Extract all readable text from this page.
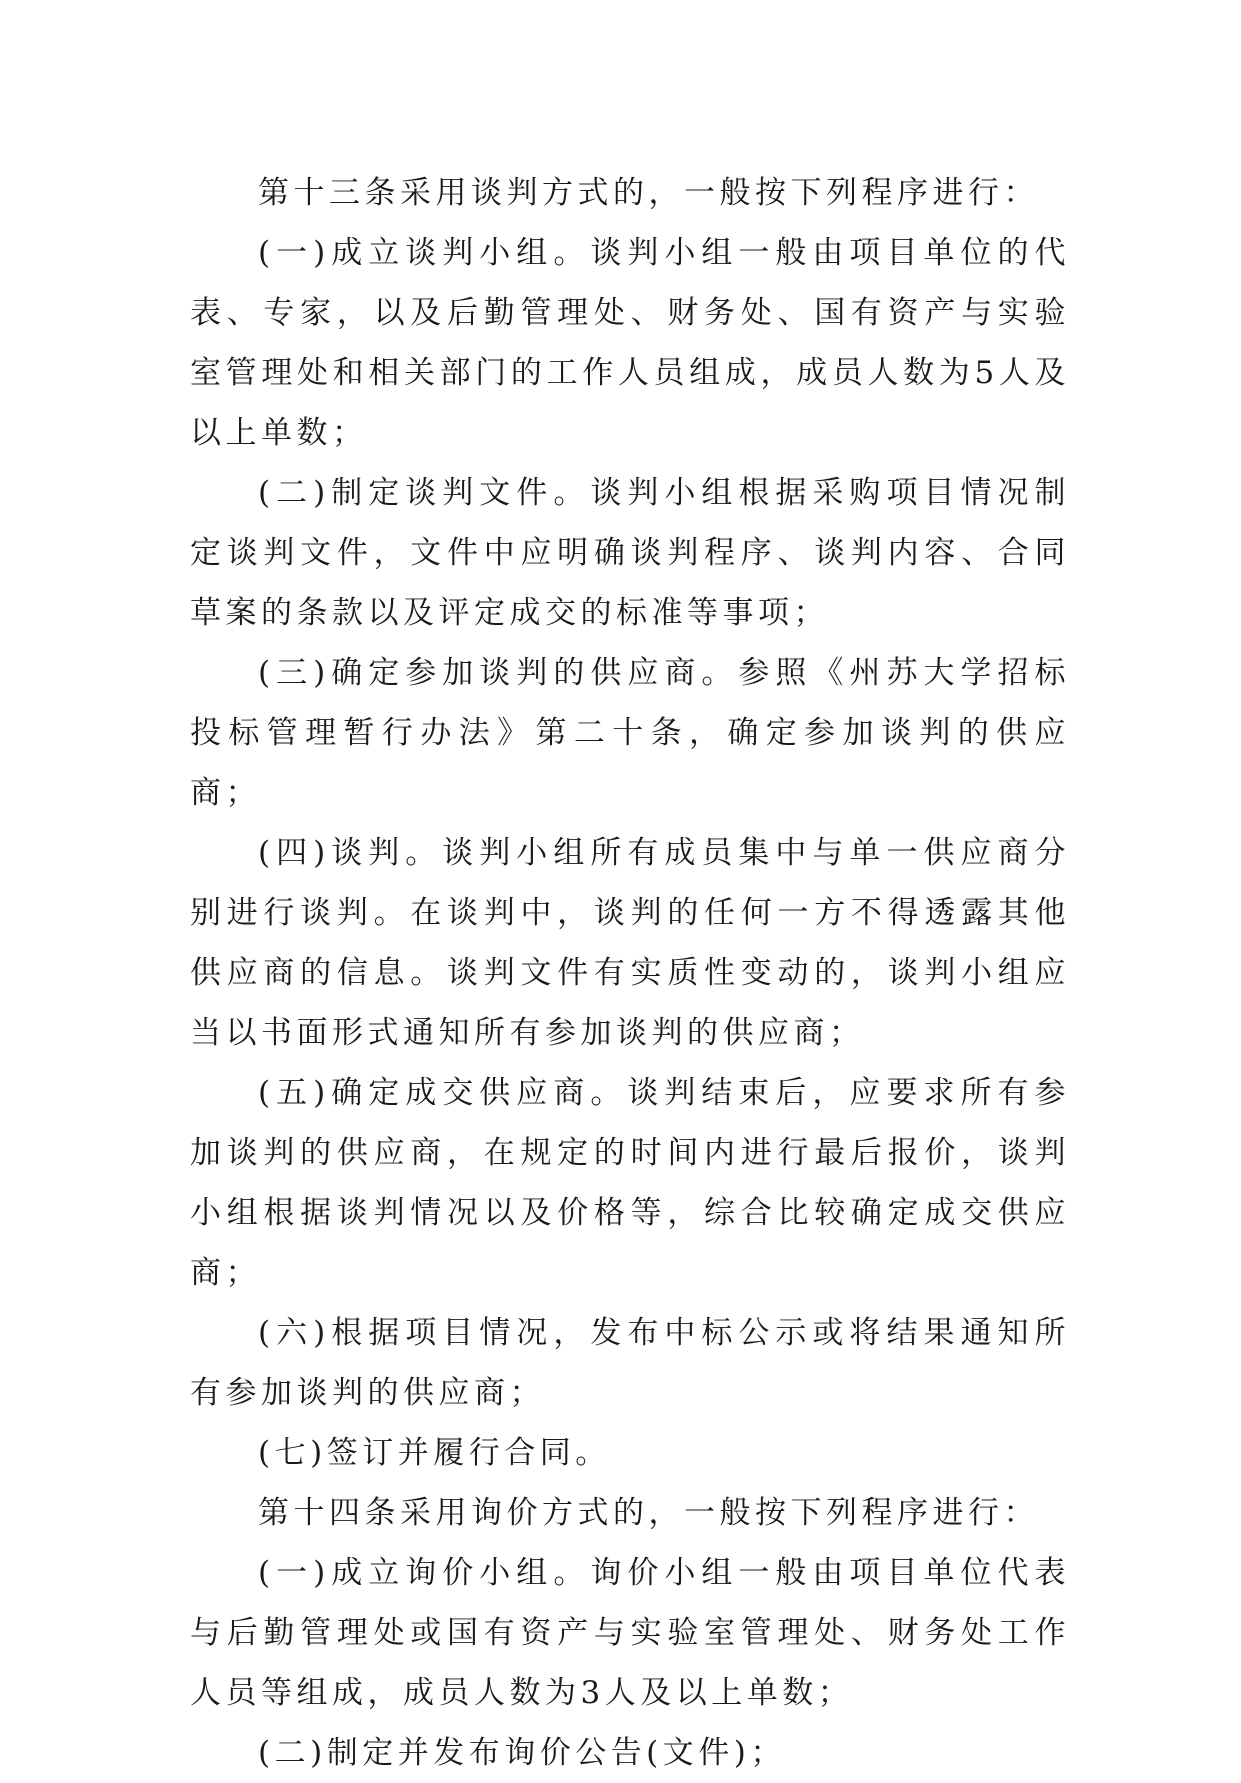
第十三条采用谈判方式的，一般按下列程序进行：

(一)成立谈判小组。谈判小组一般由项目单位的代表、专家，以及后勤管理处、财务处、国有资产与实验室管理处和相关部门的工作人员组成，成员人数为5人及以上单数；

(二)制定谈判文件。谈判小组根据采购项目情况制定谈判文件，文件中应明确谈判程序、谈判内容、合同草案的条款以及评定成交的标准等事项；

(三)确定参加谈判的供应商。参照《州苏大学招标投标管理暂行办法》第二十条，确定参加谈判的供应商；

(四)谈判。谈判小组所有成员集中与单一供应商分别进行谈判。在谈判中，谈判的任何一方不得透露其他供应商的信息。谈判文件有实质性变动的，谈判小组应当以书面形式通知所有参加谈判的供应商；

(五)确定成交供应商。谈判结束后，应要求所有参加谈判的供应商，在规定的时间内进行最后报价，谈判小组根据谈判情况以及价格等，综合比较确定成交供应商；

(六)根据项目情况，发布中标公示或将结果通知所有参加谈判的供应商；

(七)签订并履行合同。

第十四条采用询价方式的，一般按下列程序进行：

(一)成立询价小组。询价小组一般由项目单位代表与后勤管理处或国有资产与实验室管理处、财务处工作人员等组成，成员人数为3人及以上单数；

(二)制定并发布询价公告(文件)；
